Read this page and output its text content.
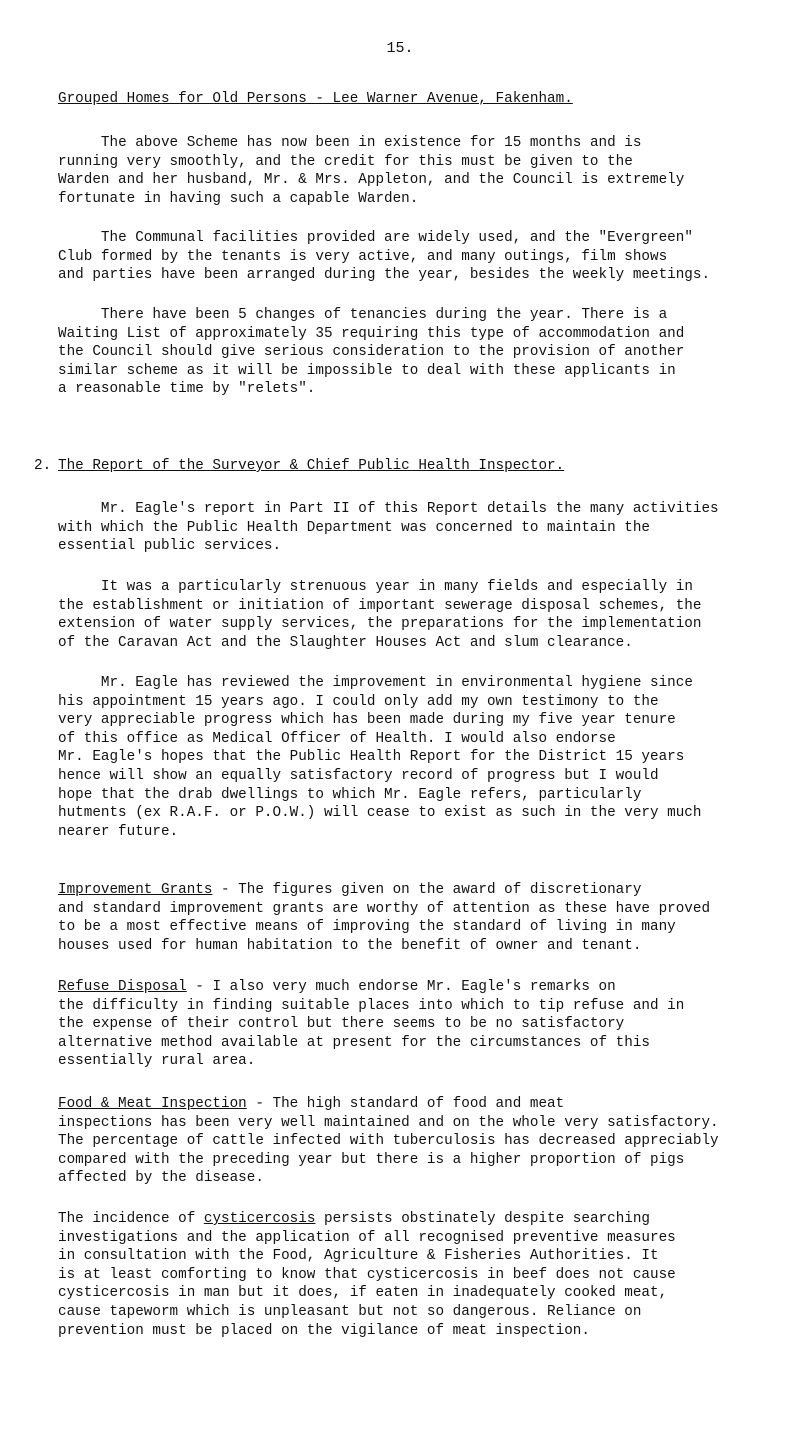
15.

Grouped Homes for Old Persons - Lee Warner Avenue, Fakenham.

The above Scheme has now been in existence for 15 months and is
running very smoothly, and the credit for this must be given to the
Warden and her husband, Mr. & Mrs. Appleton, and the Council is extremely
fortunate in having such a capable Warden.

The Communal facilities provided are widely used, and the "Evergreen"
Club formed by the tenants is very active, and many outings, film shows
and parties have been arranged during the year, besides the weekly meetings.

There have been 5 changes of tenancies during the year. There is a
Waiting List of approximately 35 requiring this type of accommodation and
the Council should give serious consideration to the provision of another
similar scheme as it will be impossible to deal with these applicants in
a reasonable time by "relets".

2. The Report of the Surveyor & Chief Public Health Inspector.

Mr. Eagle's report in Part II of this Report details the many activities
with which the Public Health Department was concerned to maintain the
essential public services.

It was a particularly strenuous year in many fields and especially in
the establishment or initiation of important sewerage disposal schemes, the
extension of water supply services, the preparations for the implementation
of the Caravan Act and the Slaughter Houses Act and slum clearance.

Mr. Eagle has reviewed the improvement in environmental hygiene since
his appointment 15 years ago. I could only add my own testimony to the
very appreciable progress which has been made during my five year tenure
of this office as Medical Officer of Health. I would also endorse
Mr. Eagle's hopes that the Public Health Report for the District 15 years
hence will show an equally satisfactory record of progress but I would
hope that the drab dwellings to which Mr. Eagle refers, particularly
hutments (ex R.A.F. or P.O.W.) will cease to exist as such in the very much
nearer future.

Improvement Grants - The figures given on the award of discretionary
and standard improvement grants are worthy of attention as these have proved
to be a most effective means of improving the standard of living in many
houses used for human habitation to the benefit of owner and tenant.

Refuse Disposal - I also very much endorse Mr. Eagle's remarks on
the difficulty in finding suitable places into which to tip refuse and in
the expense of their control but there seems to be no satisfactory
alternative method available at present for the circumstances of this
essentially rural area.

Food & Meat Inspection - The high standard of food and meat
inspections has been very well maintained and on the whole very satisfactory.
The percentage of cattle infected with tuberculosis has decreased appreciably
compared with the preceding year but there is a higher proportion of pigs
affected by the disease.

The incidence of cysticercosis persists obstinately despite searching
investigations and the application of all recognised preventive measures
in consultation with the Food, Agriculture & Fisheries Authorities. It
is at least comforting to know that cysticercosis in beef does not cause
cysticercosis in man but it does, if eaten in inadequately cooked meat,
cause tapeworm which is unpleasant but not so dangerous. Reliance on
prevention must be placed on the vigilance of meat inspection.
